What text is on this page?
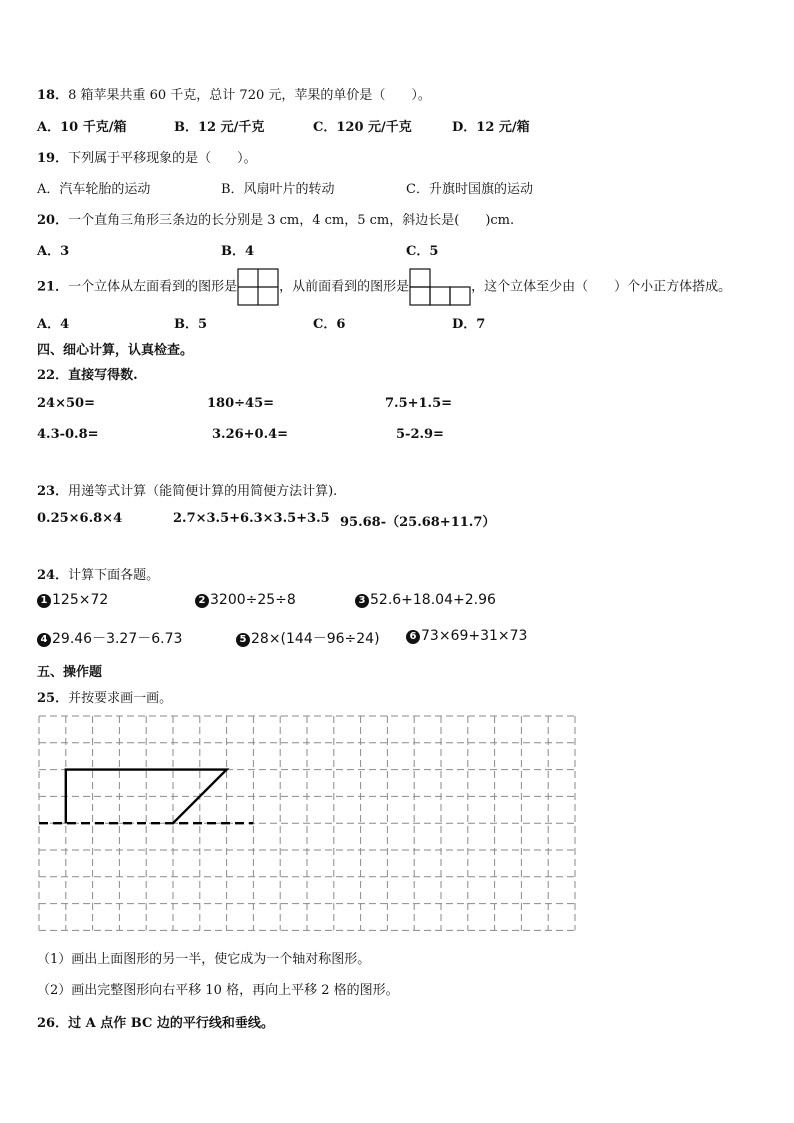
18．8 箱苹果共重 60 千克，总计 720 元，苹果的单价是（　　）。
A．10 千克/箱	B．12 元/千克	C．120 元/千克	D．12 元/箱
19．下列属于平移现象的是（　　）。
A．汽车轮胎的运动	B．风扇叶片的转动	C．升旗时国旗的运动
20．一个直角三角形三条边的长分别是 3 cm，4 cm，5 cm，斜边长是(　　)cm.
A．3	B．4	C．5
21．一个立体从左面看到的图形是	，从前面看到的图形是	，这个立体至少由（　　）个小正方体搭成。
A．4	B．5	C．6	D．7
四、细心计算，认真检查。
22．直接写得数.
24×50=	180÷45=	7.5+1.5=
4.3-0.8=	3.26+0.4=	5-2.9=
23．用递等式计算（能简便计算的用简便方法计算).
0.25×6.8×4	2.7×3.5+6.3×3.5+3.5 95.68-（25.68+11.7）
24．计算下面各题。
1 125×72	2 3200÷25÷8	3 52.6+18.04+2.96
4 29.46－3.27－6.73	5 28×(144－96÷24)	6 73×69+31×73
五、操作题
25．并按要求画一画。
（1）画出上面图形的另一半，使它成为一个轴对称图形。
（2）画出完整图形向右平移 10 格，再向上平移 2 格的图形。
26．过 A 点作 BC 边的平行线和垂线。
